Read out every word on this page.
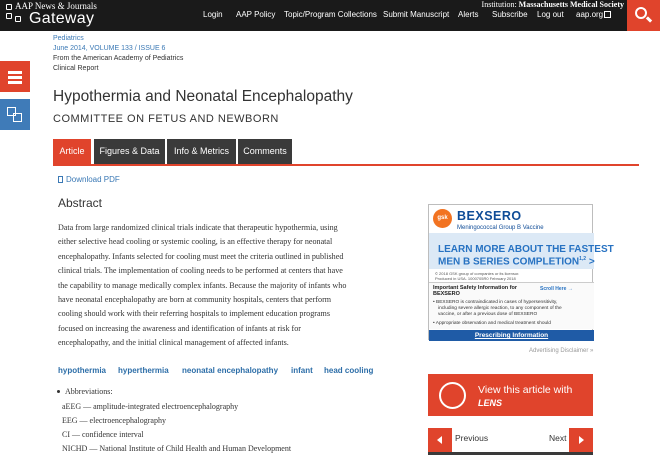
AAP News & Journals
Gateway
Institution: Massachusetts Medical Society
Login AAP Policy Topic/Program Collections Submit Manuscript Alerts Subscribe Log out aap.org
Pediatrics
June 2014, VOLUME 133 / ISSUE 6
From the American Academy of Pediatrics
Clinical Report
Hypothermia and Neonatal Encephalopathy
COMMITTEE ON FETUS AND NEWBORN
Article	Figures & Data	Info & Metrics	Comments
Download PDF
Abstract
Data from large randomized clinical trials indicate that therapeutic hypothermia, using
either selective head cooling or systemic cooling, is an effective therapy for neonatal
encephalopathy. Infants selected for cooling must meet the criteria outlined in published
clinical trials. The implementation of cooling needs to be performed at centers that have
the capability to manage medically complex infants. Because the majority of infants who
have neonatal encephalopathy are born at community hospitals, centers that perform
cooling should work with their referring hospitals to implement education programs
focused on increasing the awareness and identification of infants at risk for
encephalopathy, and the initial clinical management of affected infants.
hypothermia hyperthermia neonatal encephalopathy infant head cooling
Abbreviations:
aEEG — amplitude-integrated electroencephalography
EEG — electroencephalography
CI — confidence interval
NICHD — National Institute of Child Health and Human Development
gsk BEXSERO
Meningococcal Group B Vaccine
LEARN MORE ABOUT THE FASTEST
MEN B SERIES COMPLETION$^{1,2}$ >
© 2018 GSK group of companies or its licensor.
Produced in USA. 1000705R0 February 2018
Important Safety Information for
BEXSERO
Scroll Here →
• BEXSERO is contraindicated in cases of hypersensitivity,
including severe allergic reaction, to any component of the
vaccine, or after a previous dose of BEXSERO
• Appropriate observation and medical treatment should
Prescribing Information
Advertising Disclaimer »
View this article with
LENS
Previous	Next
